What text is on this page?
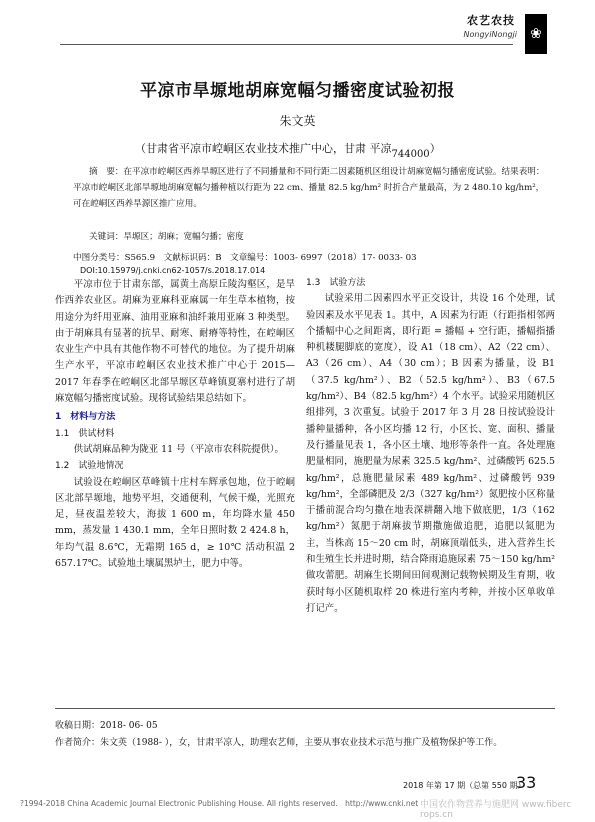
农艺农技
NongyiNongji ❀
平凉市旱塬地胡麻宽幅匀播密度试验初报
朱文英
（甘肃省平凉市崆峒区农业技术推广中心，甘肃 平凉744000）
摘　要：在平凉市崆峒区西养旱塬区进行了不同播量和不同行距二因素随机区组设计胡麻宽幅匀播密度试验。结果表明：平凉市崆峒区北部旱塬地胡麻宽幅匀播种植以行距为 22 cm、播量 82.5 kg/hm² 时折合产量最高，为 2 480.10 kg/hm²，可在崆峒区西养旱源区推广应用。
关键词：旱塬区；胡麻；宽幅匀播；密度
中图分类号：S565.9　文献标识码：B　文章编号：1003- 6997（2018）17- 0033- 03
DOI:10.15979/j.cnki.cn62-1057/s.2018.17.014

平凉市位于甘肃东部，属黄土高原丘陵沟壑区，是旱作西养农业区。胡麻为亚麻科亚麻属一年生草本植物，按用途分为纤用亚麻、油用亚麻和油纤兼用亚麻 3 种类型。由于胡麻具有显著的抗旱、耐寒、耐瘠等特性，在崆峒区农业生产中具有其他作物不可替代的地位。为了提升胡麻生产水平，平凉市崆峒区农业技术推广中心于 2015—2017 年春季在崆峒区北部旱塬区草峰镇夏寨村进行了胡麻宽幅匀播密度试验。现将试验结果总结如下。

1　材料与方法

1.1　供试材料

供试胡麻品种为陇亚 11 号（平凉市农科院提供）。

1.2　试验地情况

试验设在崆峒区草峰镇十庄村车辉承包地，位于崆峒区北部旱塬地，地势平坦，交通便利，气候干燥，光照充足，昼夜温差较大，海拔 1 600 m，年均降水量 450 mm，蒸发量 1 430.1 mm，全年日照时数 2 424.8 h，年均气温 8.6℃，无霜期 165 d，≥ 10℃ 活动积温 2 657.17℃。试验地土壤属黑垆土，肥力中等。

1.3　试验方法

试验采用二因素四水平正交设计，共设 16 个处理，试验因素及水平见表 1。其中，A 因素为行距（行距指相邻两个播幅中心之间距离，即行距 = 播幅 + 空行距，播幅指播种机耧腿脚底的宽度），设 A1（18 cm）、A2（22 cm）、A3（26 cm）、A4（30 cm）；B 因素为播量，设 B1（37.5 kg/hm²）、B2（52.5 kg/hm²）、B3（67.5 kg/hm²）、B4（82.5 kg/hm²）4 个水平。试验采用随机区组排列，3 次重复。试验于 2017 年 3 月 28 日按试验设计播种量播种，各小区均播 12 行，小区长、宽、面积、播量及行播量见表 1，各小区土壤、地形等条件一直。各处理施肥量相同，施肥量为尿素 325.5 kg/hm²、过磷酸钙 625.5 kg/hm²，总施肥量尿素 489 kg/hm²、过磷酸钙 939 kg/hm²，全部磷肥及 2/3（327 kg/hm²）氮肥按小区称量于播前混合均匀撒在地表深耕翻入地下做底肥，1/3（162 kg/hm²）氮肥于胡麻拔节期撒施做追肥，追肥以氮肥为主，当株高 15～20 cm 时，胡麻顶端低头，进入营养生长和生殖生长并进时期，结合降雨追施尿素 75～150 kg/hm² 做攻蕾肥。胡麻生长期间田间观测记载物候期及生育期，收获时每小区随机取样 20 株进行室内考种，并按小区单收单打记产。

收稿日期：2018- 06- 05
作者简介：朱文英（1988- ），女，甘肃平凉人，助理农艺师，主要从事农业技术示范与推广及植物保护等工作。
2018 年第 17 期（总第 550 期）
33
?1994-2018 China Academic Journal Electronic Publishing House. All rights reserved.　http://www.cnki.net 中国农作物营养与施肥网 www.fiberc​rops.cn
